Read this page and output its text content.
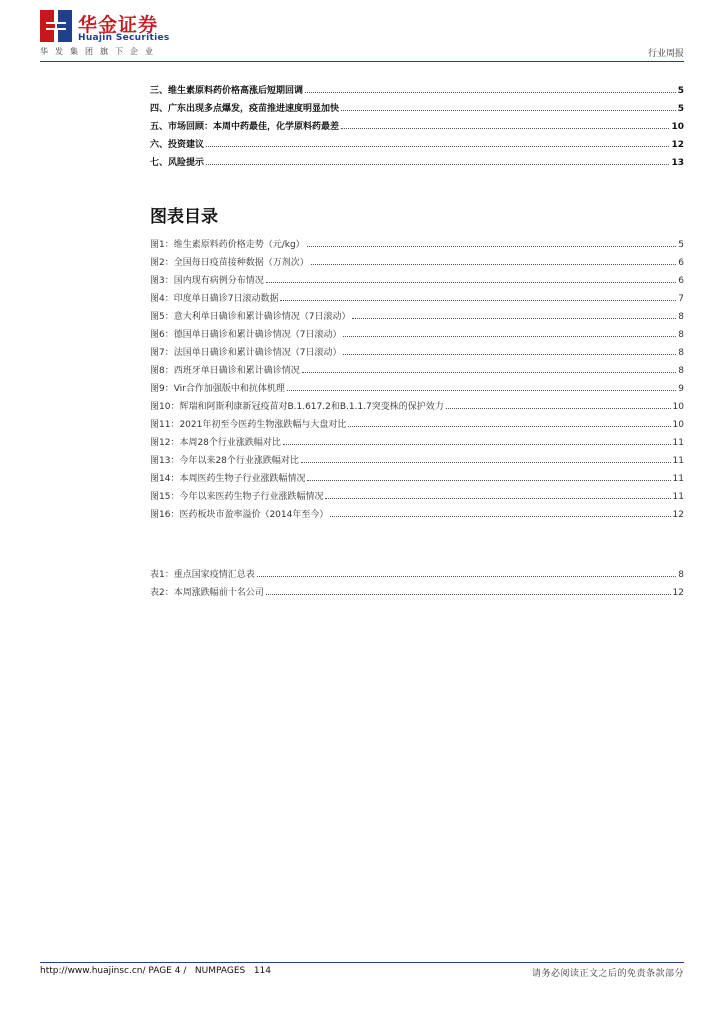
华金证券
Huajin Securities
华发集团旗下企业	行业周报
三、维生素原料药价格高涨后短期回调	5
四、广东出现多点爆发，疫苗推进速度明显加快	5
五、市场回顾：本周中药最佳，化学原料药最差	10
六、投资建议	12
七、风险提示	13
图表目录
图1：维生素原料药价格走势（元/kg）	5
图2：全国每日疫苗接种数据（万剂次）	6
图3：国内现有病例分布情况	6
图4：印度单日确诊7日滚动数据	7
图5：意大利单日确诊和累计确诊情况（7日滚动）	8
图6：德国单日确诊和累计确诊情况（7日滚动）	8
图7：法国单日确诊和累计确诊情况（7日滚动）	8
图8：西班牙单日确诊和累计确诊情况	8
图9：Vir合作加强版中和抗体机理	9
图10：辉瑞和阿斯利康新冠疫苗对B.1.617.2和B.1.1.7突变株的保护效力	10
图11：2021年初至今医药生物涨跌幅与大盘对比	10
图12：本周28个行业涨跌幅对比	11
图13：今年以来28个行业涨跌幅对比	11
图14：本周医药生物子行业涨跌幅情况	11
图15：今年以来医药生物子行业涨跌幅情况	11
图16：医药板块市盈率溢价（2014年至今）	12
表1：重点国家疫情汇总表	8
表2：本周涨跌幅前十名公司	12
http://www.huajinsc.cn/ PAGE 4 /   NUMPAGES   114	请务必阅读正文之后的免责条款部分
